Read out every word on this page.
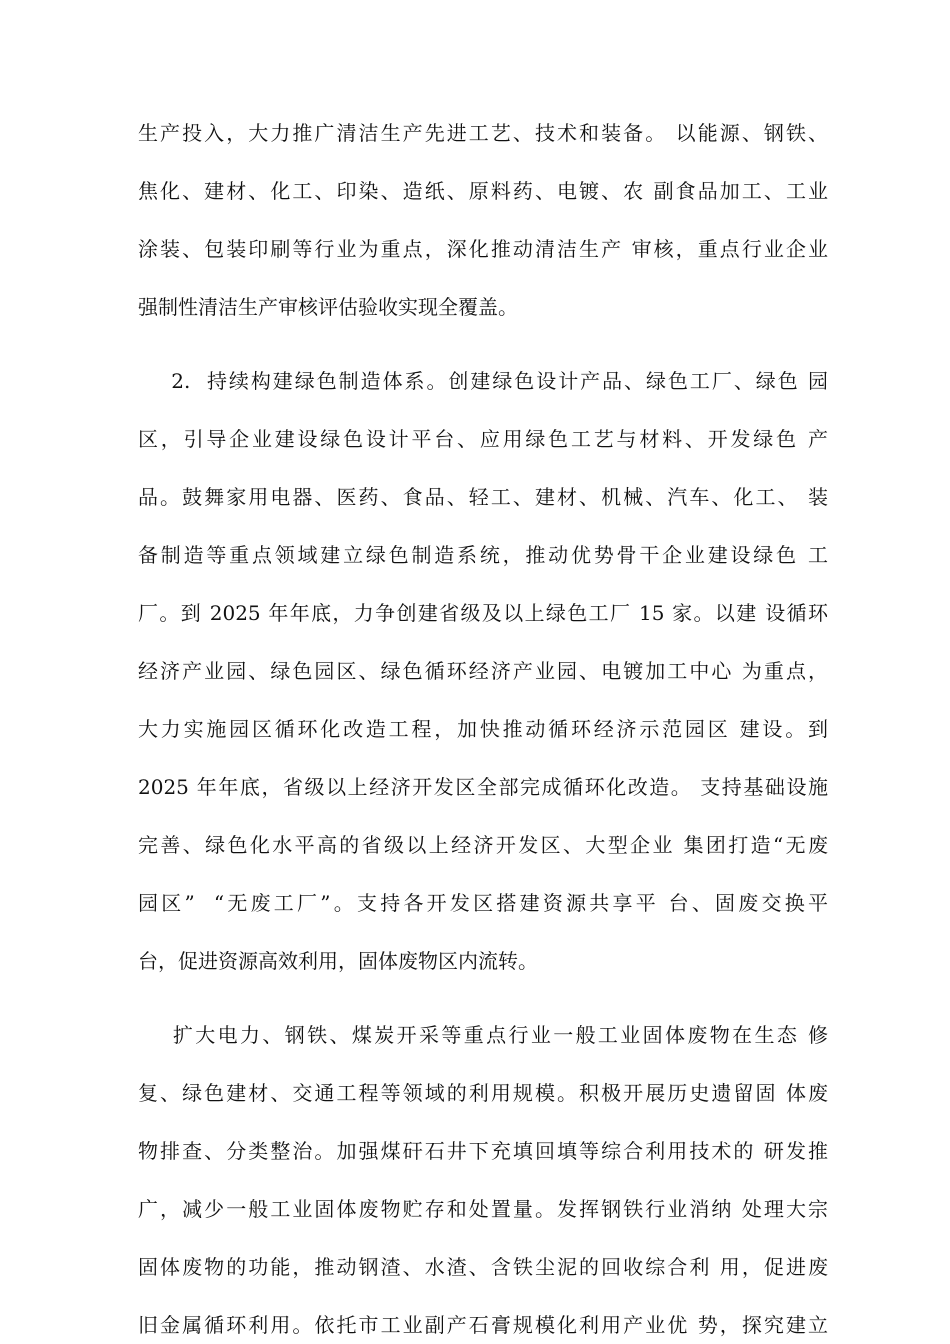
生产投入，大力推广清洁生产先进工艺、技术和装备。 以能源、钢铁、
焦化、建材、化工、印染、造纸、原料药、电镀、农 副食品加工、工业
涂装、包装印刷等行业为重点，深化推动清洁生产 审核，重点行业企业
强制性清洁生产审核评估验收实现全覆盖。
2.  持续构建绿色制造体系。创建绿色设计产品、绿色工厂、绿色 园
区，引导企业建设绿色设计平台、应用绿色工艺与材料、开发绿色 产
品。鼓舞家用电器、医药、食品、轻工、建材、机械、汽车、化工、 装
备制造等重点领域建立绿色制造系统，推动优势骨干企业建设绿色 工
厂。到 2025 年年底，力争创建省级及以上绿色工厂 15 家。以建 设循环
经济产业园、绿色园区、绿色循环经济产业园、电镀加工中心 为重点，
大力实施园区循环化改造工程，加快推动循环经济示范园区 建设。到
2025 年年底，省级以上经济开发区全部完成循环化改造。 支持基础设施
完善、绿色化水平高的省级以上经济开发区、大型企业 集团打造“无废
园区”  “无废工厂”。支持各开发区搭建资源共享平 台、固废交换平
台，促进资源高效利用，固体废物区内流转。
扩大电力、钢铁、煤炭开采等重点行业一般工业固体废物在生态 修
复、绿色建材、交通工程等领域的利用规模。积极开展历史遗留固 体废
物排查、分类整治。加强煤矸石井下充填回填等综合利用技术的 研发推
广，减少一般工业固体废物贮存和处置量。发挥钢铁行业消纳 处理大宗
固体废物的功能，推动钢渣、水渣、含铁尘泥的回收综合利 用，促进废
旧金属循环利用。依托市工业副产石膏规模化利用产业优 势，探究建立
